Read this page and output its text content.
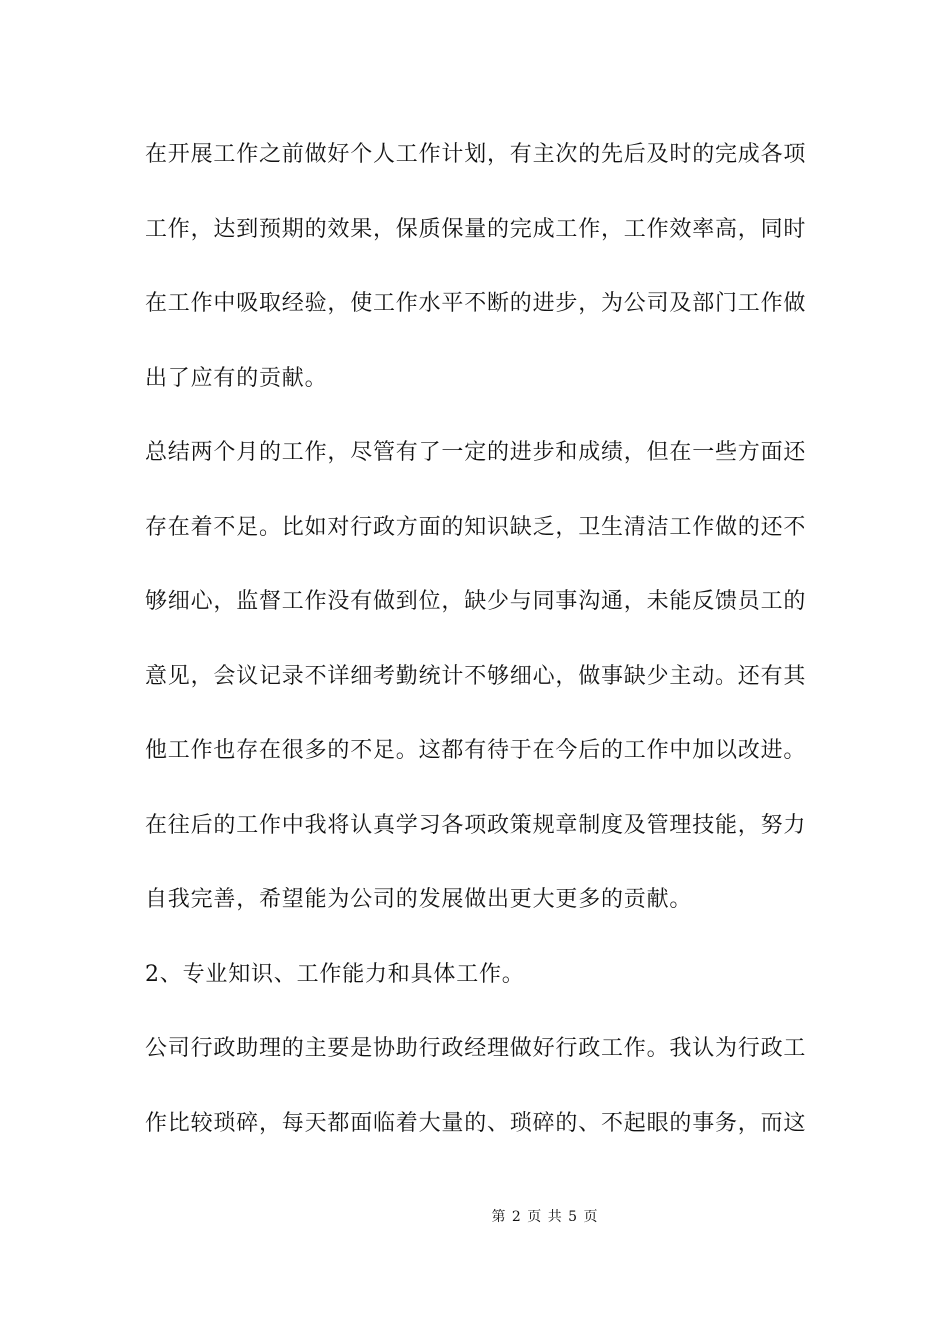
在开展工作之前做好个人工作计划，有主次的先后及时的完成各项
工作，达到预期的效果，保质保量的完成工作，工作效率高，同时
在工作中吸取经验，使工作水平不断的进步，为公司及部门工作做
出了应有的贡献。
总结两个月的工作，尽管有了一定的进步和成绩，但在一些方面还
存在着不足。比如对行政方面的知识缺乏，卫生清洁工作做的还不
够细心，监督工作没有做到位，缺少与同事沟通，未能反馈员工的
意见，会议记录不详细考勤统计不够细心，做事缺少主动。还有其
他工作也存在很多的不足。这都有待于在今后的工作中加以改进。
在往后的工作中我将认真学习各项政策规章制度及管理技能，努力
自我完善，希望能为公司的发展做出更大更多的贡献。
2、专业知识、工作能力和具体工作。
公司行政助理的主要是协助行政经理做好行政工作。我认为行政工
作比较琐碎，每天都面临着大量的、琐碎的、不起眼的事务，而这
第 2 页 共 5 页
